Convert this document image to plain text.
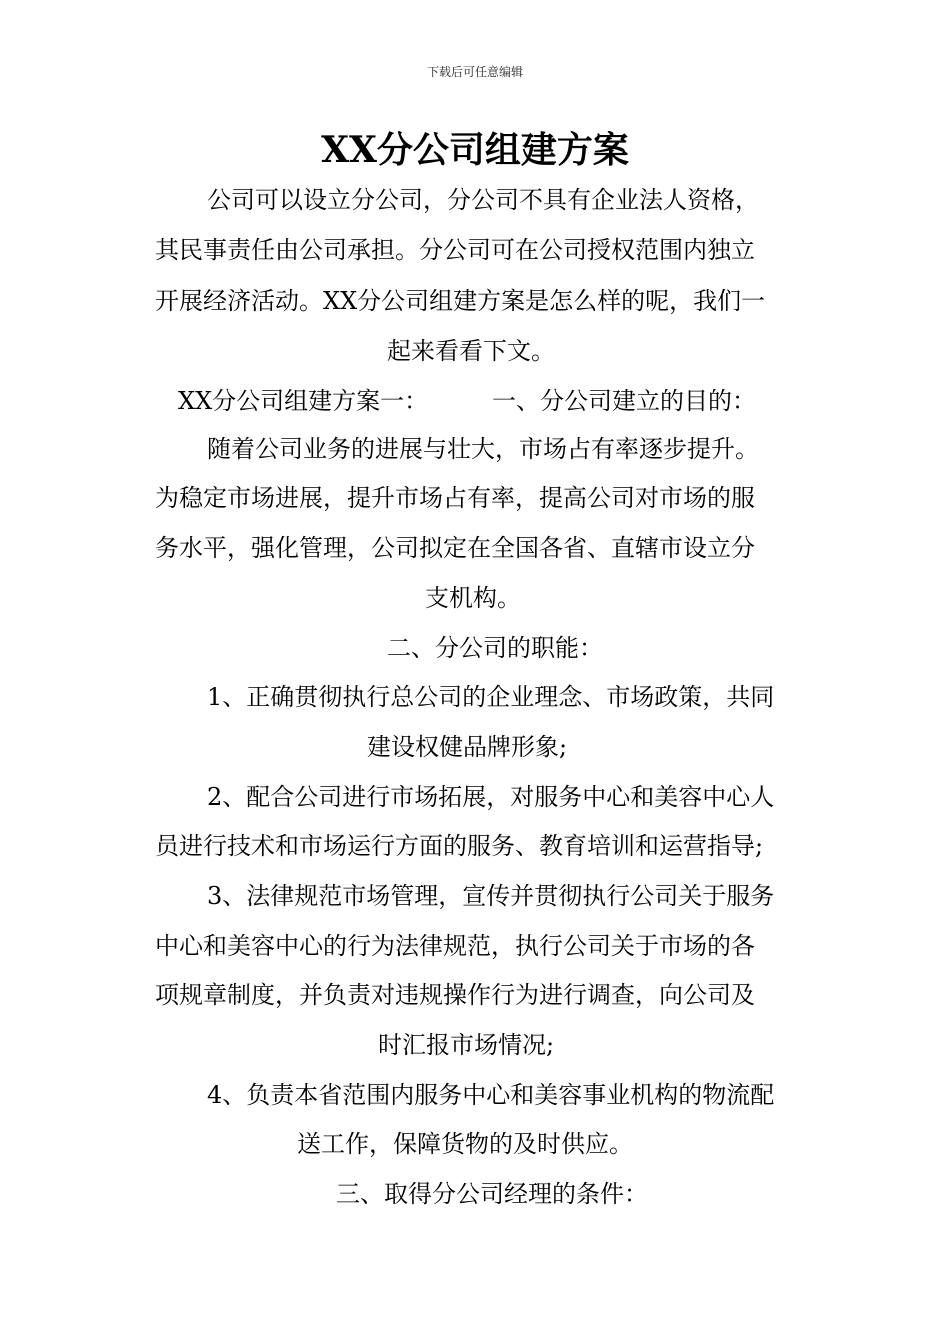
下载后可任意编辑
XX分公司组建方案
公司可以设立分公司，分公司不具有企业法人资格，
其民事责任由公司承担。分公司可在公司授权范围内独立
开展经济活动。XX分公司组建方案是怎么样的呢，我们一
起来看看下文。
XX分公司组建方案一：	一、分公司建立的目的：
随着公司业务的进展与壮大，市场占有率逐步提升。
为稳定市场进展，提升市场占有率，提高公司对市场的服
务水平，强化管理，公司拟定在全国各省、直辖市设立分
支机构。
二、分公司的职能：
1、正确贯彻执行总公司的企业理念、市场政策，共同
建设权健品牌形象;
2、配合公司进行市场拓展，对服务中心和美容中心人
员进行技术和市场运行方面的服务、教育培训和运营指导;
3、法律规范市场管理，宣传并贯彻执行公司关于服务
中心和美容中心的行为法律规范，执行公司关于市场的各
项规章制度，并负责对违规操作行为进行调查，向公司及
时汇报市场情况;
4、负责本省范围内服务中心和美容事业机构的物流配
送工作，保障货物的及时供应。
三、取得分公司经理的条件：
